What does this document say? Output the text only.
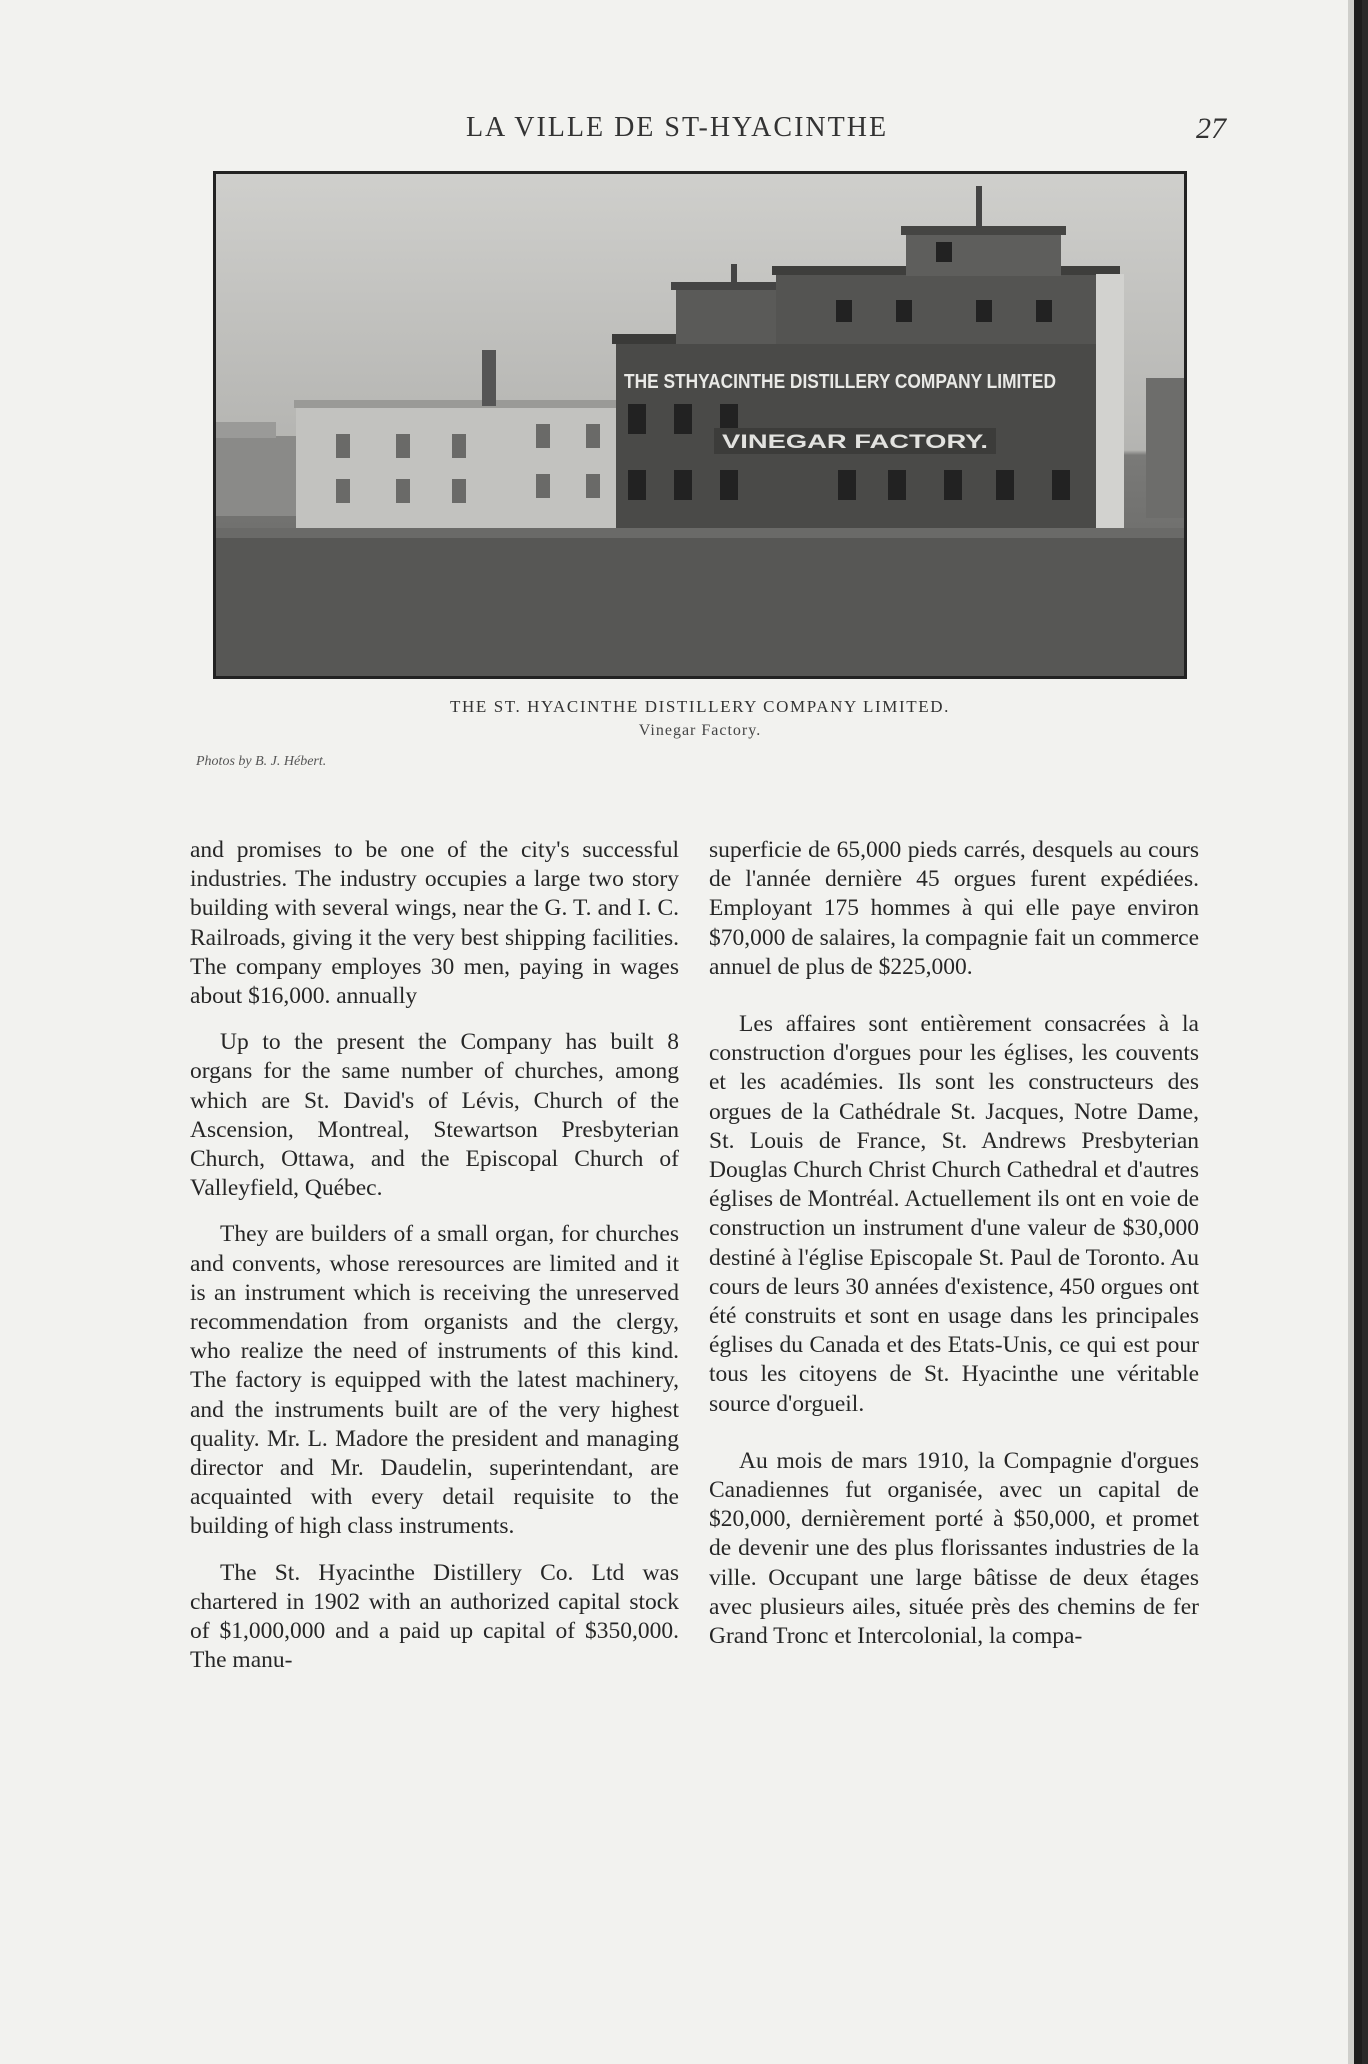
LA VILLE DE ST-HYACINTHE	27
THE STHYACINTHE DISTILLERY COMPANY LIMITED
VINEGAR FACTORY.
THE ST. HYACINTHE DISTILLERY COMPANY LIMITED.
Vinegar Factory.
Photos by B. J. Hébert.

and promises to be one of the city's successful industries. The industry occupies a large two story building with several wings, near the G. T. and I. C. Railroads, giving it the very best shipping facilities. The company employes 30 men, paying in wages about $16,000. annually

Up to the present the Company has built 8 organs for the same number of churches, among which are St. David's of Lévis, Church of the Ascension, Montreal, Stewartson Presbyterian Church, Ottawa, and the Episcopal Church of Valleyfield, Québec.

They are builders of a small organ, for churches and convents, whose reresources are limited and it is an instrument which is receiving the unreserved recommendation from organists and the clergy, who realize the need of instruments of this kind. The factory is equipped with the latest machinery, and the instruments built are of the very highest quality. Mr. L. Madore the president and managing director and Mr. Daudelin, superintendant, are acquainted with every detail requisite to the building of high class instruments.

The St. Hyacinthe Distillery Co. Ltd was chartered in 1902 with an authorized capital stock of $1,000,000 and a paid up capital of $350,000. The manu-

superficie de 65,000 pieds carrés, desquels au cours de l'année dernière 45 orgues furent expédiées. Employant 175 hommes à qui elle paye environ $70,000 de salaires, la compagnie fait un commerce annuel de plus de $225,000.

Les affaires sont entièrement consacrées à la construction d'orgues pour les églises, les couvents et les académies. Ils sont les constructeurs des orgues de la Cathédrale St. Jacques, Notre Dame, St. Louis de France, St. Andrews Presbyterian Douglas Church Christ Church Cathedral et d'autres églises de Montréal. Actuellement ils ont en voie de construction un instrument d'une valeur de $30,000 destiné à l'église Episcopale St. Paul de Toronto. Au cours de leurs 30 années d'existence, 450 orgues ont été construits et sont en usage dans les principales églises du Canada et des Etats-Unis, ce qui est pour tous les citoyens de St. Hyacinthe une véritable source d'orgueil.

Au mois de mars 1910, la Compagnie d'orgues Canadiennes fut organisée, avec un capital de $20,000, dernièrement porté à $50,000, et promet de devenir une des plus florissantes industries de la ville. Occupant une large bâtisse de deux étages avec plusieurs ailes, située près des chemins de fer Grand Tronc et Intercolonial, la compa-
